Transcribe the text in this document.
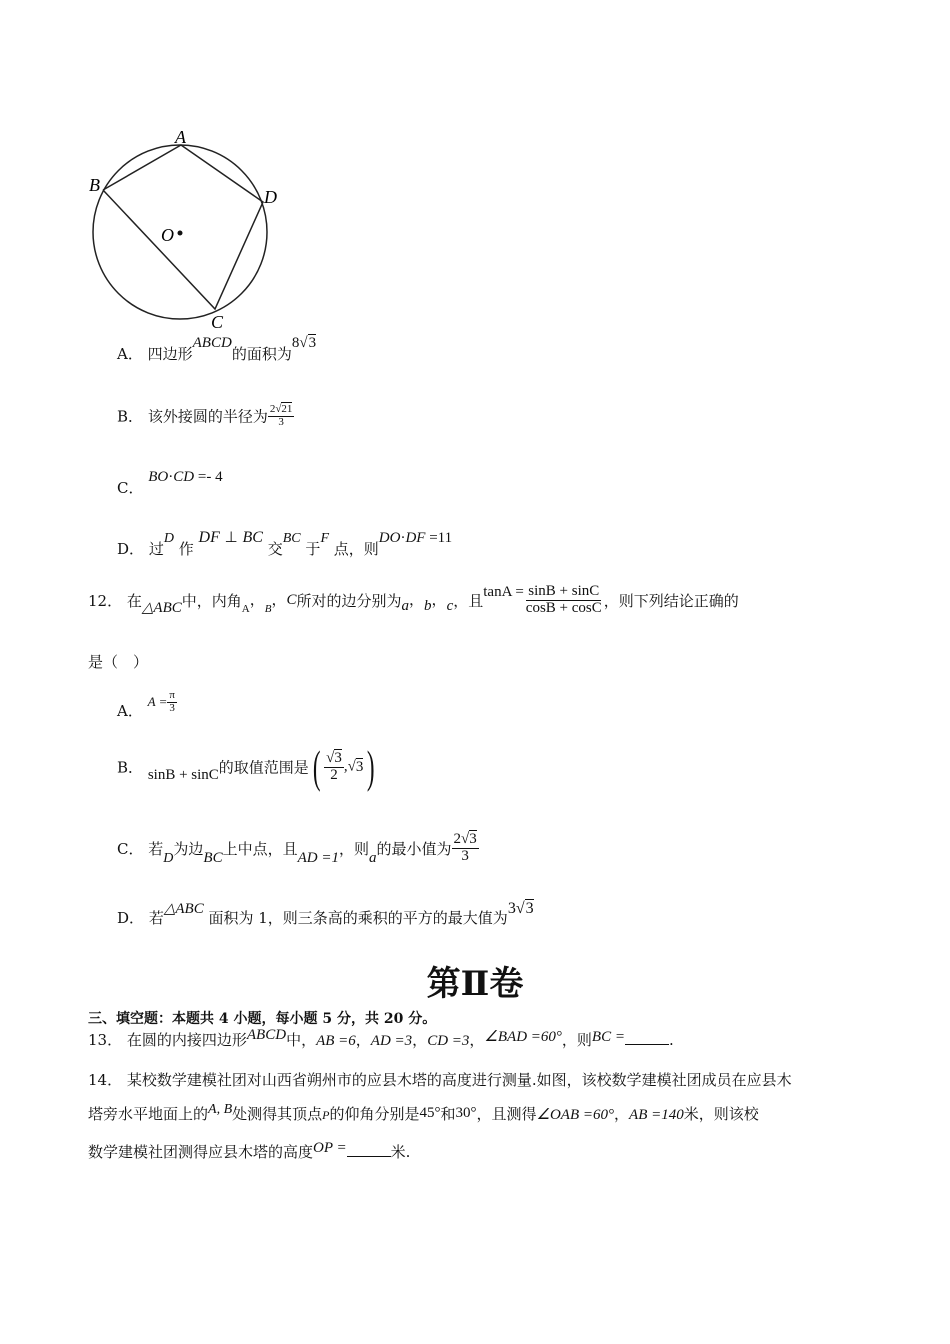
A
B
C
D
O
A． 四边形ABCD的面积为8√3
B． 该外接圆的半径为 $\frac{2√21}{3}$
C． BO·CD =- 4
D． 过D 作 DF ⊥ BC 交BC 于F 点，则DO·DF =11
12． 在△ABC中，内角$_A$，$_B$，C所对的边分别为a，b，c，且$\tan A = \frac{\sin B + \sin C}{\cos B + \cos C}$ ，则下列结论正确的
是（　）
A． $A = \frac{\pi}{3}$
B． sinB + sinC的取值范围是( $\frac{√3}{2} ,√3$)
C． 若D为边BC上中点，且AD =1，则a的最小值为 $\frac{2√3}{3}$
D． 若△ABC 面积为 1，则三条高的乘积的平方的最大值为3√3
第Ⅱ卷
三、填空题：本题共 4 小题，每小题 5 分，共 20 分。
13． 在圆的内接四边形ABCD中，AB =6，AD =3，CD =3，∠BAD =60°，则BC =	.
14． 某校数学建模社团对山西省朔州市的应县木塔的高度进行测量.如图，该校数学建模社团成员在应县木
塔旁水平地面上的A, B处测得其顶点P的仰角分别是45°和30°，且测得∠OAB =60°，AB =140米，则该校
数学建模社团测得应县木塔的高度OP =	米.
